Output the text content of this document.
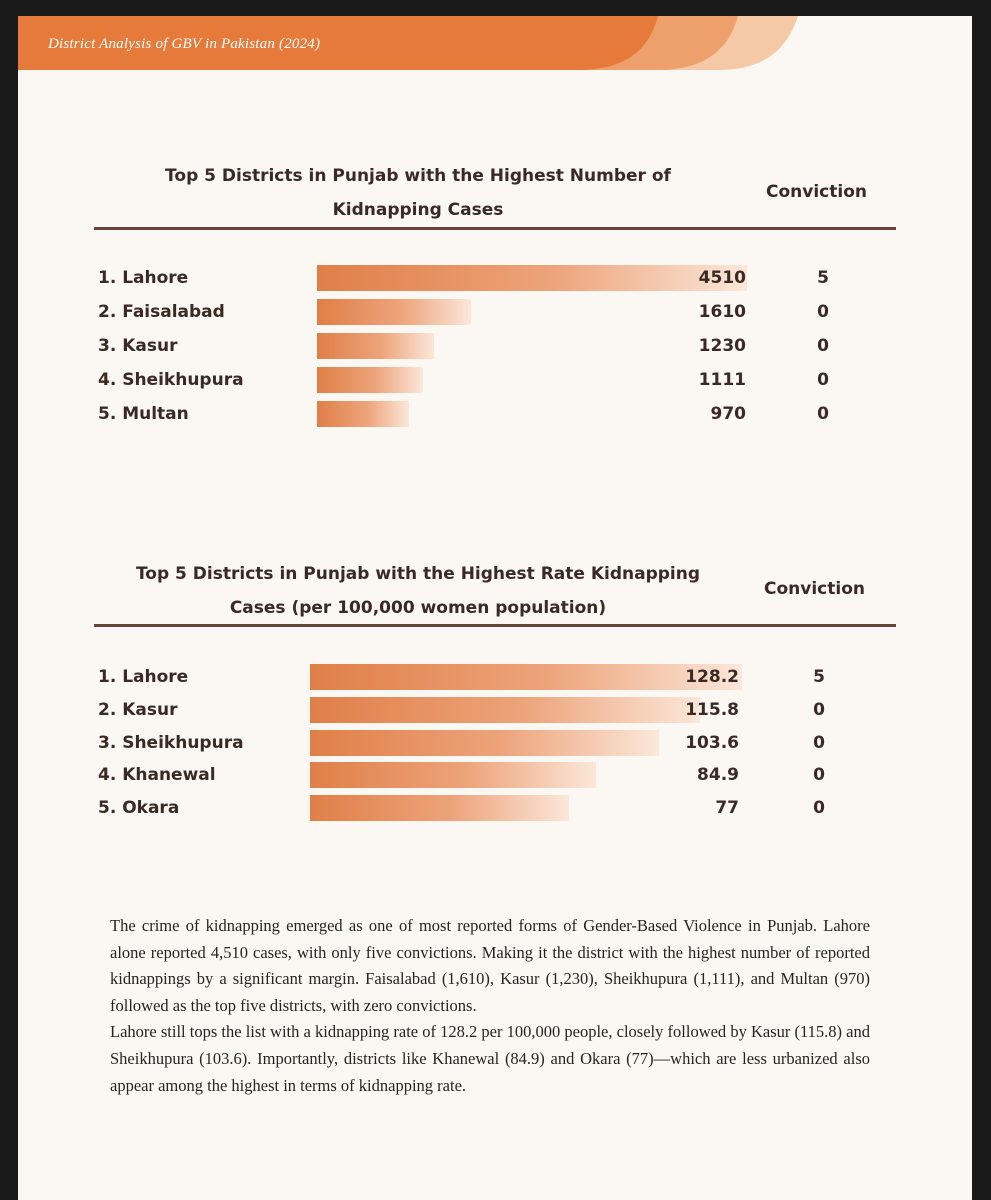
District Analysis of GBV in Pakistan (2024)
Top 5 Districts in Punjab with the Highest Number of Kidnapping Cases
Conviction
1. Lahore	4510	5
2. Faisalabad	1610	0
3. Kasur	1230	0
4. Sheikhupura	1111	0
5. Multan	970	0
Top 5 Districts in Punjab with the Highest Rate Kidnapping Cases (per 100,000 women population)
Conviction
1. Lahore	128.2	5
2. Kasur	115.8	0
3. Sheikhupura	103.6	0
4. Khanewal	84.9	0
5. Okara	77	0

The crime of kidnapping emerged as one of most reported forms of Gender-Based Violence in Punjab. Lahore alone reported 4,510 cases, with only five convictions. Making it the district with the highest number of reported kidnappings by a significant margin. Faisalabad (1,610), Kasur (1,230), Sheikhupura (1,111), and Multan (970) followed as the top five districts, with zero convictions.

Lahore still tops the list with a kidnapping rate of 128.2 per 100,000 people, closely followed by Kasur (115.8) and Sheikhupura (103.6). Importantly, districts like Khanewal (84.9) and Okara (77)—which are less urbanized also appear among the highest in terms of kidnapping rate.
